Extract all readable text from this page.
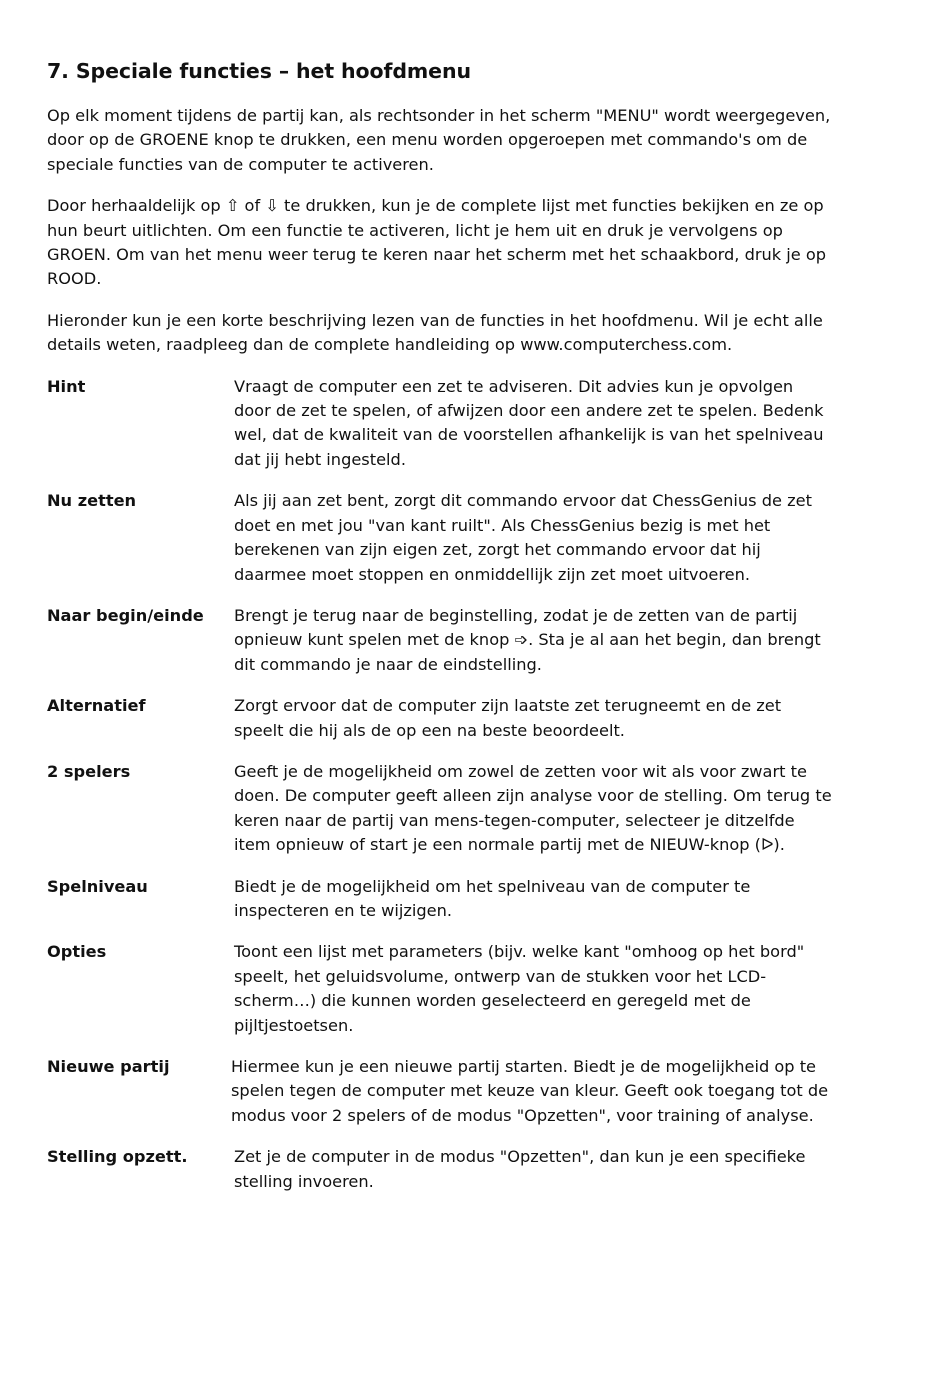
7. Speciale functies – het hoofdmenu

Op elk moment tijdens de partij kan, als rechtsonder in het scherm "MENU" wordt weergegeven, door op de GROENE knop te drukken, een menu worden opgeroepen met commando's om de speciale functies van de computer te activeren.

Door herhaaldelijk op ⇧ of ⇩ te drukken, kun je de complete lijst met functies bekijken en ze op hun beurt uitlichten. Om een functie te activeren, licht je hem uit en druk je vervolgens op GROEN. Om van het menu weer terug te keren naar het scherm met het schaakbord, druk je op ROOD.

Hieronder kun je een korte beschrijving lezen van de functies in het hoofdmenu. Wil je echt alle details weten, raadpleeg dan de complete handleiding op www.computerchess.com.

Hint	Vraagt de computer een zet te adviseren. Dit advies kun je opvolgen door de zet te spelen, of afwijzen door een andere zet te spelen. Bedenk wel, dat de kwaliteit van de voorstellen afhankelijk is van het spelniveau dat jij hebt ingesteld.
Nu zetten	Als jij aan zet bent, zorgt dit commando ervoor dat ChessGenius de zet doet en met jou "van kant ruilt". Als ChessGenius bezig is met het berekenen van zijn eigen zet, zorgt het commando ervoor dat hij daarmee moet stoppen en onmiddellijk zijn zet moet uitvoeren.
Naar begin/einde	Brengt je terug naar de beginstelling, zodat je de zetten van de partij opnieuw kunt spelen met de knop ➩. Sta je al aan het begin, dan brengt dit commando je naar de eindstelling.
Alternatief	Zorgt ervoor dat de computer zijn laatste zet terugneemt en de zet speelt die hij als de op een na beste beoordeelt.
2 spelers	Geeft je de mogelijkheid om zowel de zetten voor wit als voor zwart te doen. De computer geeft alleen zijn analyse voor de stelling. Om terug te keren naar de partij van mens-tegen-computer, selecteer je ditzelfde item opnieuw of start je een normale partij met de NIEUW-knop (ᐅ).
Spelniveau	Biedt je de mogelijkheid om het spelniveau van de computer te inspecteren en te wijzigen.
Opties	Toont een lijst met parameters (bijv. welke kant "omhoog op het bord" speelt, het geluidsvolume, ontwerp van de stukken voor het LCD-scherm…) die kunnen worden geselecteerd en geregeld met de pijltjestoetsen.
Nieuwe partij	Hiermee kun je een nieuwe partij starten. Biedt je de mogelijkheid op te spelen tegen de computer met keuze van kleur. Geeft ook toegang tot de modus voor 2 spelers of de modus "Opzetten", voor training of analyse.
Stelling opzett.	Zet je de computer in de modus "Opzetten", dan kun je een specifieke stelling invoeren.
